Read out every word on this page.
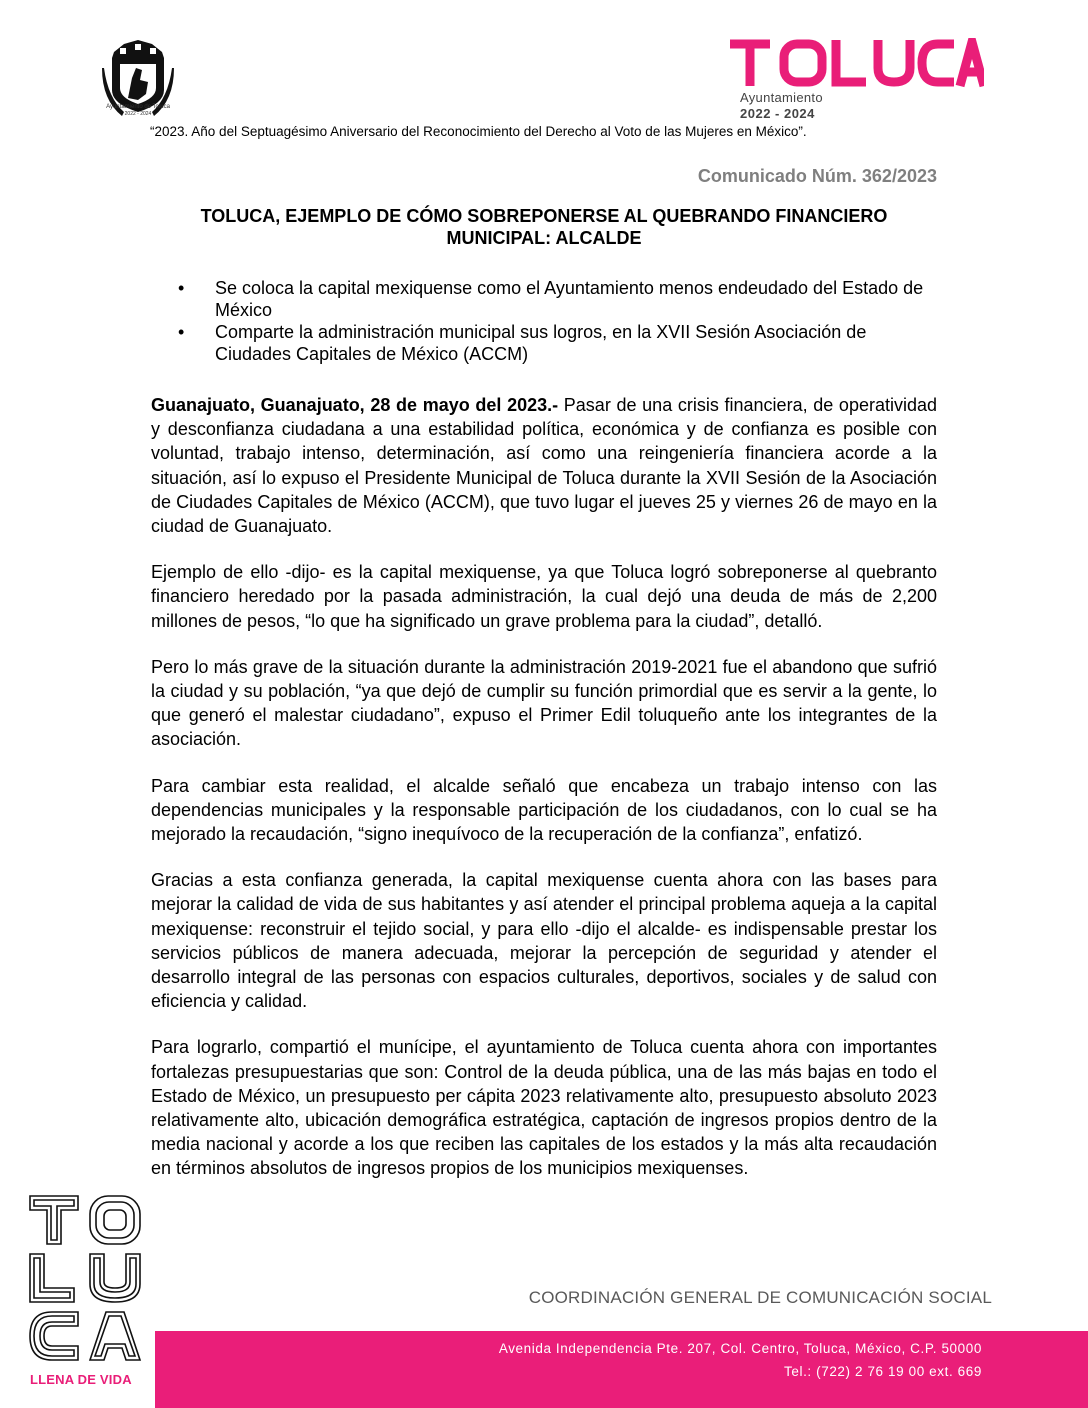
Ayuntamiento de Toluca
2022 - 2024
Ayuntamiento
2022 - 2024
“2023. Año del Septuagésimo Aniversario del Reconocimiento del Derecho al Voto de las Mujeres en México”.
Comunicado Núm. 362/2023
TOLUCA, EJEMPLO DE CÓMO SOBREPONERSE AL QUEBRANDO FINANCIERO
MUNICIPAL: ALCALDE
• Se coloca la capital mexiquense como el Ayuntamiento menos endeudado del Estado de México
• Comparte la administración municipal sus logros, en la XVII Sesión Asociación de Ciudades Capitales de México (ACCM)

Guanajuato, Guanajuato, 28 de mayo del 2023.- Pasar de una crisis financiera, de operatividad y desconfianza ciudadana a una estabilidad política, económica y de confianza es posible con voluntad, trabajo intenso, determinación, así como una reingeniería financiera acorde a la situación, así lo expuso el Presidente Municipal de Toluca durante la XVII Sesión de la Asociación de Ciudades Capitales de México (ACCM), que tuvo lugar el jueves 25 y viernes 26 de mayo en la ciudad de Guanajuato.

Ejemplo de ello -dijo- es la capital mexiquense, ya que Toluca logró sobreponerse al quebranto financiero heredado por la pasada administración, la cual dejó una deuda de más de 2,200 millones de pesos, “lo que ha significado un grave problema para la ciudad”, detalló.

Pero lo más grave de la situación durante la administración 2019-2021 fue el abandono que sufrió la ciudad y su población, “ya que dejó de cumplir su función primordial que es servir a la gente, lo que generó el malestar ciudadano”, expuso el Primer Edil toluqueño ante los integrantes de la asociación.

Para cambiar esta realidad, el alcalde señaló que encabeza un trabajo intenso con las dependencias municipales y la responsable participación de los ciudadanos, con lo cual se ha mejorado la recaudación, “signo inequívoco de la recuperación de la confianza”, enfatizó.

Gracias a esta confianza generada, la capital mexiquense cuenta ahora con las bases para mejorar la calidad de vida de sus habitantes y así atender el principal problema aqueja a la capital mexiquense: reconstruir el tejido social, y para ello -dijo el alcalde- es indispensable prestar los servicios públicos de manera adecuada, mejorar la percepción de seguridad y atender el desarrollo integral de las personas con espacios culturales, deportivos, sociales y de salud con eficiencia y calidad.

Para lograrlo, compartió el munícipe, el ayuntamiento de Toluca cuenta ahora con importantes fortalezas presupuestarias que son: Control de la deuda pública, una de las más bajas en todo el Estado de México, un presupuesto per cápita 2023 relativamente alto, presupuesto absoluto 2023 relativamente alto, ubicación demográfica estratégica, captación de ingresos propios dentro de la media nacional y acorde a los que reciben las capitales de los estados y la más alta recaudación en términos absolutos de ingresos propios de los municipios mexiquenses.

LLENA DE VIDA
COORDINACIÓN GENERAL DE COMUNICACIÓN SOCIAL
Avenida Independencia Pte. 207, Col. Centro, Toluca, México, C.P. 50000
Tel.: (722) 2 76 19 00 ext. 669
